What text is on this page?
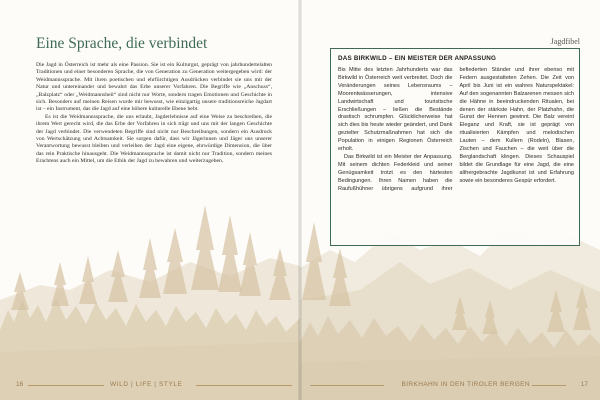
Eine Sprache, die verbindet

Die Jagd in Österreich ist mehr als eine Passion. Sie ist ein Kulturgut, geprägt von jahrhundertelalten Traditionen und einer besonderen Sprache, die von Generation zu Generation weitergegeben wird: der Weidmannssprache. Mit ihren poetischen und ehrfürchtigen Ausdrücken verbindet sie uns mit der Natur und untereinander und bewahrt das Erbe unserer Vorfahren. Die Begriffe wie „Anschuss“, „Balzplatz“ oder „Weidmannsheil“ sind nicht nur Worte, sondern tragen Emotionen und Geschichte in sich. Besonders auf meinen Reisen wurde mir bewusst, wie einzigartig unsere traditionsreiche Jagdart ist – ein Instrument, das die Jagd auf eine höhere kulturelle Ebene hebt.

Es ist die Weidmannssprache, die uns erlaubt, Jagderlebnisse auf eine Weise zu beschreiben, die ihrem Wert gerecht wird, die das Erbe der Vorfahren in sich trägt und uns mit der langen Geschichte der Jagd verbindet. Die verwendeten Begriffe sind nicht nur Beschreibungen, sondern ein Ausdruck von Wertschätzung und Achtsamkeit. Sie sorgen dafür, dass wir Jägerinnen und Jäger uns unserer Verantwortung bewusst bleiben und verleihen der Jagd eine eigene, ehrwürdige Dimension, die über das rein Praktische hinausgeht. Die Weidmannssprache ist damit nicht nur Tradition, sondern meines Erachtens auch ein Mittel, um die Ethik der Jagd zu bewahren und weiterzugeben.

16	WILD | LIFE | STYLE
Jagdfibel
DAS BIRKWILD – EIN MEISTER DER ANPASSUNG

Bis Mitte des letzten Jahrhunderts war das Birkwild in Österreich weit verbreitet. Doch die Veränderungen seines Lebensraums – Moorentwässerungen, intensive Landwirtschaft und touristische Erschließungen – ließen die Bestände drastisch schrumpfen. Glücklicherweise hat sich dies bis heute wieder geändert, und Dank gezielter Schutzmaßnahmen hat sich die Population in einigen Regionen Österreich erholt.

Das Birkwild ist ein Meister der Anpassung. Mit seinem dichten Federkleid und seiner Genügsamkeit trotzt es den härtesten Bedingungen. Ihren Namen haben die Raufußhühner übrigens aufgrund ihrer befiederten Ständer und ihrer ebenso mit Federn ausgestatteten Zehen. Die Zeit von April bis Juni ist ein wahres Naturspektakel: Auf den sogenannten Balzarenen messen sich die Hähne in beeindruckenden Ritualen, bei denen der stärkste Hahn, der Platzhahn, die Gunst der Hennen gewinnt. Die Balz vereint Eleganz und Kraft, sie ist geprägt von ritualisierten Kämpfen und melodischen Lauten – dem Kullern (Rodeln), Blasen, Zischen und Fauchen – die weit über die Berglandschaft klingen. Dieses Schauspiel bildet die Grundlage für eine Jagd, die eine althergebrachte Jagdkunst ist und Erfahrung sowie ein besonderes Gespür erfordert.

BIRKHAHN IN DEN TIROLER BERGEN	17
